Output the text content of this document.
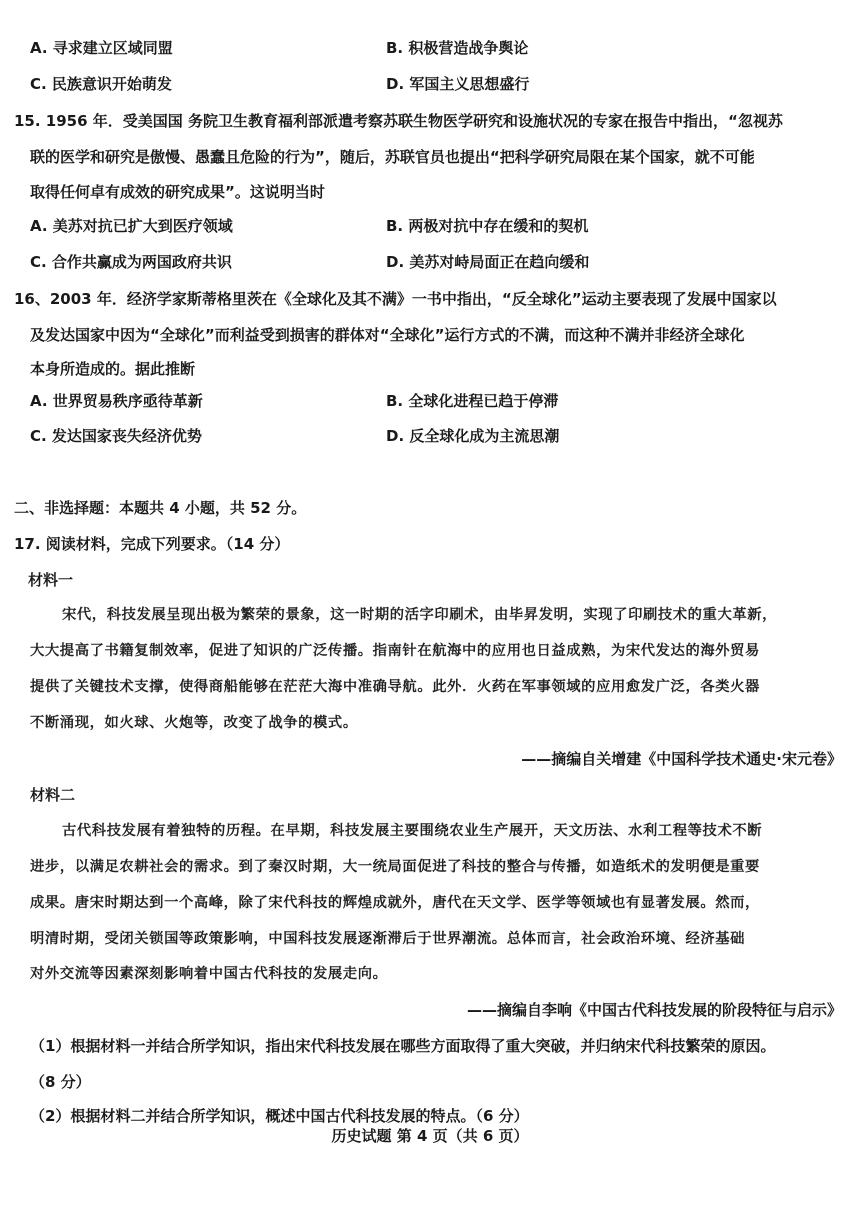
A. 寻求建立区域同盟	B. 积极营造战争舆论
C. 民族意识开始萌发	D. 军国主义思想盛行
15. 1956 年．受美国国 务院卫生教育福利部派遣考察苏联生物医学研究和设施状况的专家在报告中指出，“忽视苏
联的医学和研究是傲慢、愚蠢且危险的行为”，随后，苏联官员也提出“把科学研究局限在某个国家，就不可能
取得任何卓有成效的研究成果”。这说明当时
A. 美苏对抗已扩大到医疗领域	B. 两极对抗中存在缓和的契机
C. 合作共赢成为两国政府共识	D. 美苏对峙局面正在趋向缓和
16、2003 年．经济学家斯蒂格里茨在《全球化及其不满》一书中指出，“反全球化”运动主要表现了发展中国家以
及发达国家中因为“全球化”而利益受到损害的群体对“全球化”运行方式的不满，而这种不满并非经济全球化
本身所造成的。据此推断
A. 世界贸易秩序亟待革新	B. 全球化进程已趋于停滞
C. 发达国家丧失经济优势	D. 反全球化成为主流思潮
二、非选择题：本题共 4 小题，共 52 分。
17. 阅读材料，完成下列要求。（14 分）
材料一
宋代，科技发展呈现出极为繁荣的景象，这一时期的活字印刷术，由毕昇发明，实现了印刷技术的重大革新，
大大提高了书籍复制效率，促进了知识的广泛传播。指南针在航海中的应用也日益成熟，为宋代发达的海外贸易
提供了关键技术支撑，使得商船能够在茫茫大海中准确导航。此外．火药在军事领域的应用愈发广泛，各类火器
不断涌现，如火球、火炮等，改变了战争的模式。
——摘编自关增建《中国科学技术通史·宋元卷》
材料二
古代科技发展有着独特的历程。在早期，科技发展主要围绕农业生产展开，天文历法、水利工程等技术不断
进步，以满足农耕社会的需求。到了秦汉时期，大一统局面促进了科技的整合与传播，如造纸术的发明便是重要
成果。唐宋时期达到一个高峰，除了宋代科技的辉煌成就外，唐代在天文学、医学等领域也有显著发展。然而，
明清时期，受闭关锁国等政策影响，中国科技发展逐渐滞后于世界潮流。总体而言，社会政治环境、经济基础
对外交流等因素深刻影响着中国古代科技的发展走向。
——摘编自李响《中国古代科技发展的阶段特征与启示》
（1）根据材料一并结合所学知识，指出宋代科技发展在哪些方面取得了重大突破，并归纳宋代科技繁荣的原因。
（8 分）
（2）根据材料二并结合所学知识，概述中国古代科技发展的特点。（6 分）
历史试题 第 4 页（共 6 页）
